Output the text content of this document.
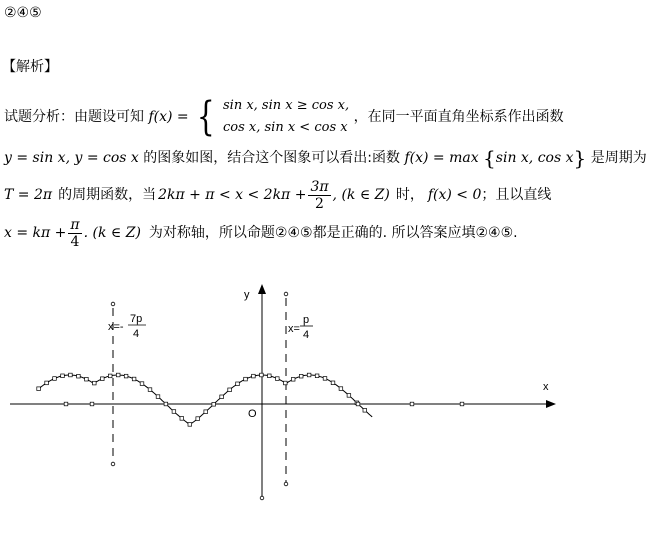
②④⑤
【解析】
试题分析：由题设可知 f(x) = { sin x, sin x ≥ cos x,
cos x, sin x < cos x
，在同一平面直角坐标系作出函数
y = sin x, y = cos x 的图象如图，结合这个图象可以看出:函数 f(x) = max {sin x, cos x} 是周期为
T = 2π 的周期函数，当 $2k\pi + \pi < x < 2k\pi + \frac{3\pi}{2}$ , (k ∈ Z) 时， f(x) < 0 ；且以直线
$x = k\pi + \frac{\pi}{4}$ . (k ∈ Z) 为对称轴，所以命题②④⑤都是正确的. 所以答案应填②④⑤.
y
x
O
x=-
7p
4	x=
p
4
